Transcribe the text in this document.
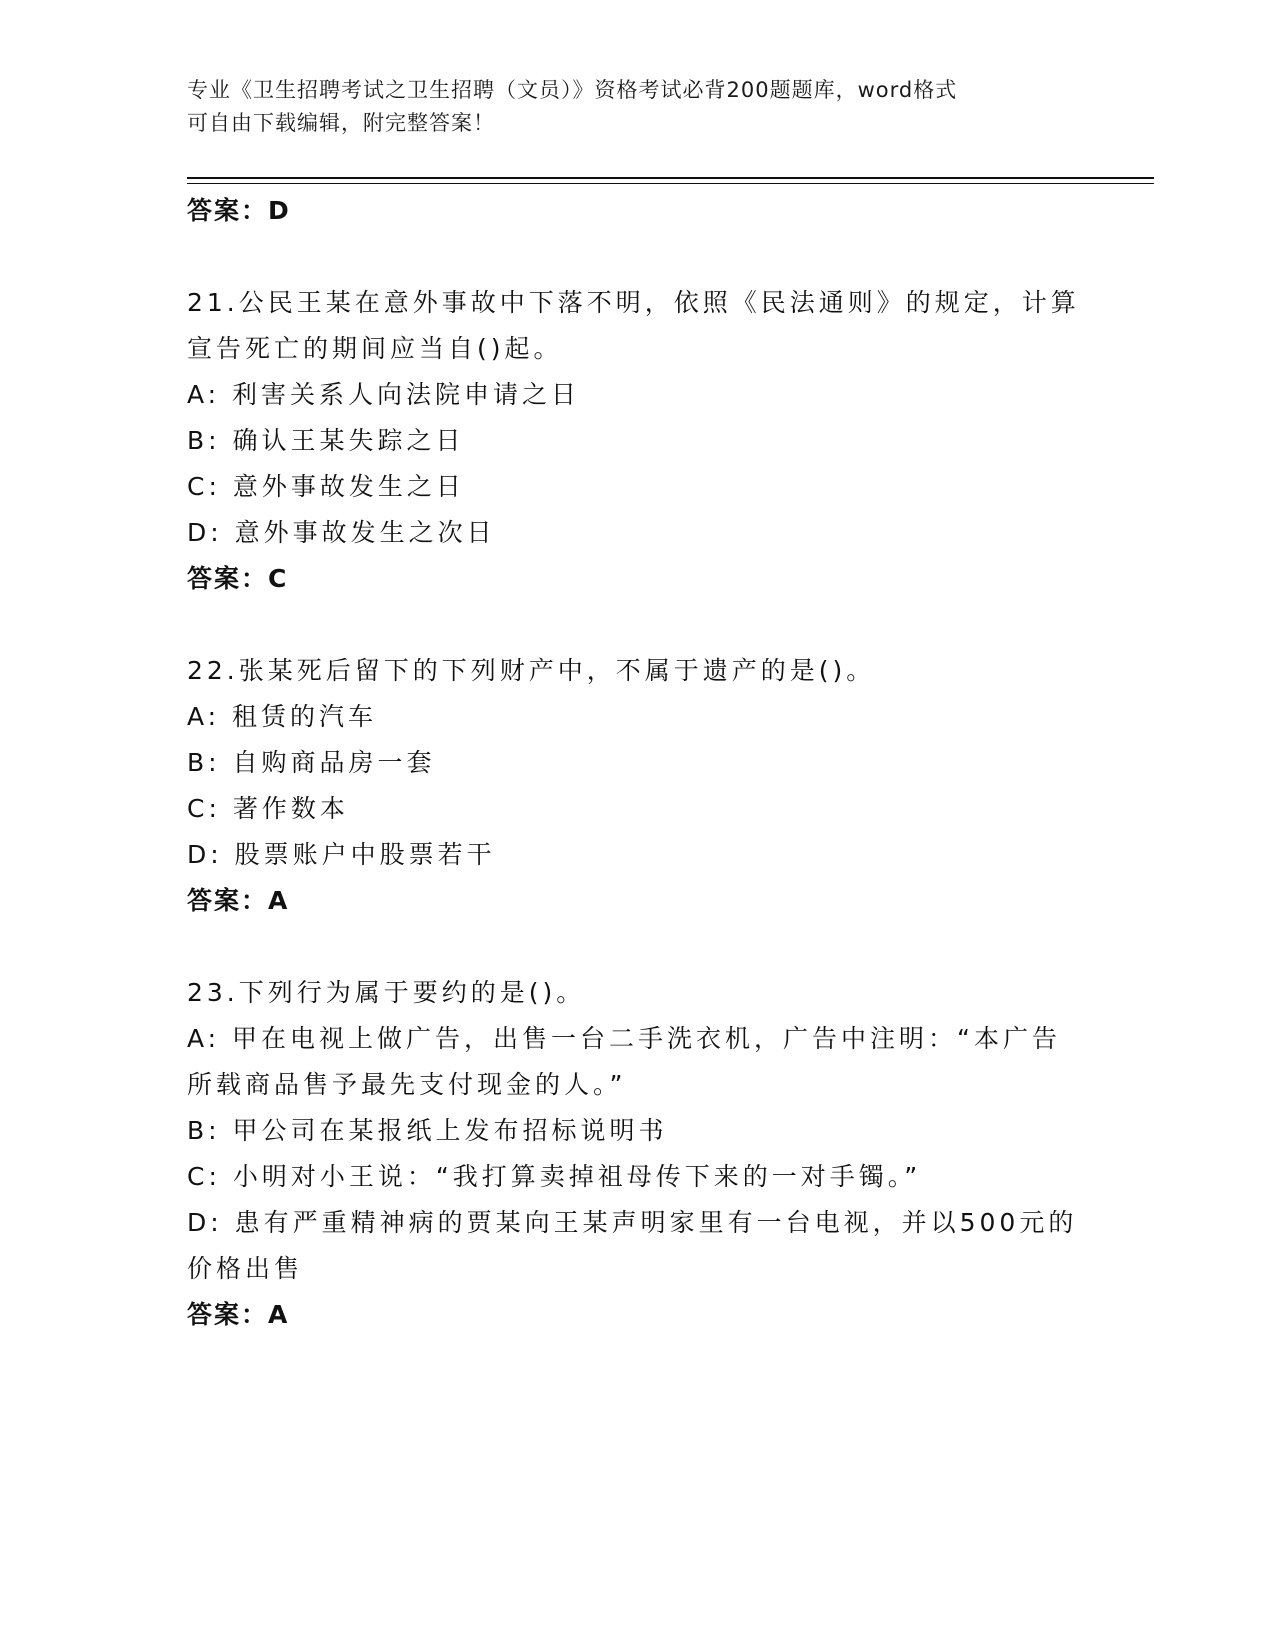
专业《卫生招聘考试之卫生招聘（文员）》资格考试必背200题题库，word格式
可自由下载编辑，附完整答案！
答案：D
21.公民王某在意外事故中下落不明，依照《民法通则》的规定，计算
宣告死亡的期间应当自()起。
A: 利害关系人向法院申请之日
B: 确认王某失踪之日
C: 意外事故发生之日
D: 意外事故发生之次日
答案：C
22.张某死后留下的下列财产中，不属于遗产的是()。
A: 租赁的汽车
B: 自购商品房一套
C: 著作数本
D: 股票账户中股票若干
答案：A
23.下列行为属于要约的是()。
A: 甲在电视上做广告，出售一台二手洗衣机，广告中注明：“本广告
所载商品售予最先支付现金的人。”
B: 甲公司在某报纸上发布招标说明书
C: 小明对小王说：“我打算卖掉祖母传下来的一对手镯。”
D: 患有严重精神病的贾某向王某声明家里有一台电视，并以500元的
价格出售
答案：A
